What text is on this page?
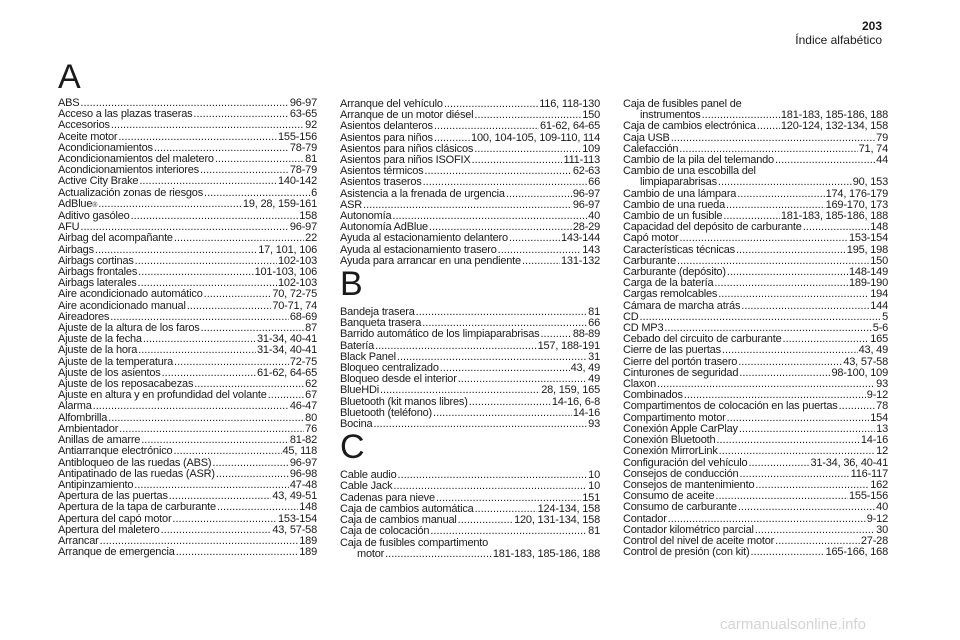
203
Índice alfabético
A
ABS .....	96-97
Acceso a las plazas traseras .....	63-65
Accesorios .....	92
Aceite motor .....	155-156
Acondicionamientos .....	78-79
Acondicionamientos del maletero .....	81
Acondicionamientos interiores .....	78-79
Active City Brake .....	140-142
Actualización zonas de riesgos .....	6
AdBlue ® .....	19, 28, 159-161
Aditivo gasóleo .....	158
AFU .....	96-97
Airbag del acompañante .....	22
Airbags .....	17, 101, 106
Airbags cortinas .....	102-103
Airbags frontales .....	101-103, 106
Airbags laterales .....	102-103
Aire acondicionado automático .....	70, 72-75
Aire acondicionado manual .....	70-71, 74
Aireadores .....	68-69
Ajuste de la altura de los faros .....	87
Ajuste de la fecha .....	31-34, 40-41
Ajuste de la hora .....	31-34, 40-41
Ajuste de la temperatura .....	72-75
Ajuste de los asientos .....	61-62, 64-65
Ajuste de los reposacabezas .....	62
Ajuste en altura y en profundidad del volante .....	67
Alarma .....	46-47
Alfombrilla .....	80
Ambientador .....	76
Anillas de amarre .....	81-82
Antiarranque electrónico .....	45, 118
Antibloqueo de las ruedas (ABS) .....	96-97
Antipatinado de las ruedas (ASR) .....	96-98
Antipinzamiento .....	47-48
Apertura de las puertas .....	43, 49-51
Apertura de la tapa de carburante .....	148
Apertura del capó motor .....	153-154
Apertura del maletero .....	43, 57-58
Arrancar .....	189
Arranque de emergencia .....	189
Arranque del vehículo .....	116, 118-130
Arranque de un motor diésel .....	150
Asientos delanteros .....	61-62, 64-65
Asientos para niños .....	100, 104-105, 109-110, 114
Asientos para niños clásicos .....	109
Asientos para niños ISOFIX .....	111-113
Asientos térmicos .....	62-63
Asientos traseros .....	66
Asistencia a la frenada de urgencia .....	96-97
ASR .....	96-97
Autonomía .....	40
Autonomía AdBlue .....	28-29
Ayuda al estacionamiento delantero .....	143-144
Ayuda al estacionamiento trasero .....	143
Ayuda para arrancar en una pendiente .....	131-132
B
Bandeja trasera .....	81
Banqueta trasera .....	66
Barrido automático de los limpiaparabrisas .....	88-89
Batería .....	157, 188-191
Black Panel .....	31
Bloqueo centralizado .....	43, 49
Bloqueo desde el interior .....	49
BlueHDi .....	28, 159, 165
Bluetooth (kit manos libres) .....	14-16, 6-8
Bluetooth (teléfono) .....	14-16
Bocina .....	93
C
Cable audio .....	10
Cable Jack .....	10
Cadenas para nieve .....	151
Caja de cambios automática .....	124-134, 158
Caja de cambios manual .....	120, 131-134, 158
Caja de colocación .....	81
Caja de fusibles compartimento
motor .....	181-183, 185-186, 188
Caja de fusibles panel de
instrumentos .....	181-183, 185-186, 188
Caja de cambios electrónica ..... 120-124, 132-134, 158
Caja USB .....	79
Calefacción .....	71, 74
Cambio de la pila del telemando .....	44
Cambio de una escobilla del
limpiaparabrisas .....	90, 153
Cambio de una lámpara .....	174, 176-179
Cambio de una rueda .....	169-170, 173
Cambio de un fusible .....	181-183, 185-186, 188
Capacidad del depósito de carburante .....	148
Capó motor .....	153-154
Características técnicas .....	195, 198
Carburante .....	150
Carburante (depósito) .....	148-149
Carga de la batería .....	189-190
Cargas remolcables .....	194
Cámara de marcha atrás .....	144
CD .....	5
CD MP3 .....	5-6
Cebado del circuito de carburante .....	165
Cierre de las puertas .....	43, 49
Cierre del portón trasero .....	43, 57-58
Cinturones de seguridad .....	98-100, 109
Claxon .....	93
Combinados .....	9-12
Compartimentos de colocación en las puertas .....	78
Compartimento motor .....	154
Conexión Apple CarPlay .....	13
Conexión Bluetooth .....	14-16
Conexión MirrorLink .....	12
Configuración del vehículo .....	31-34, 36, 40-41
Consejos de conducción .....	116-117
Consejos de mantenimiento .....	162
Consumo de aceite .....	155-156
Consumo de carburante .....	40
Contador .....	9-12
Contador kilométrico parcial .....	30
Control del nivel de aceite motor .....	27-28
Control de presión (con kit) .....	165-166, 168
carmanualsonline.info
